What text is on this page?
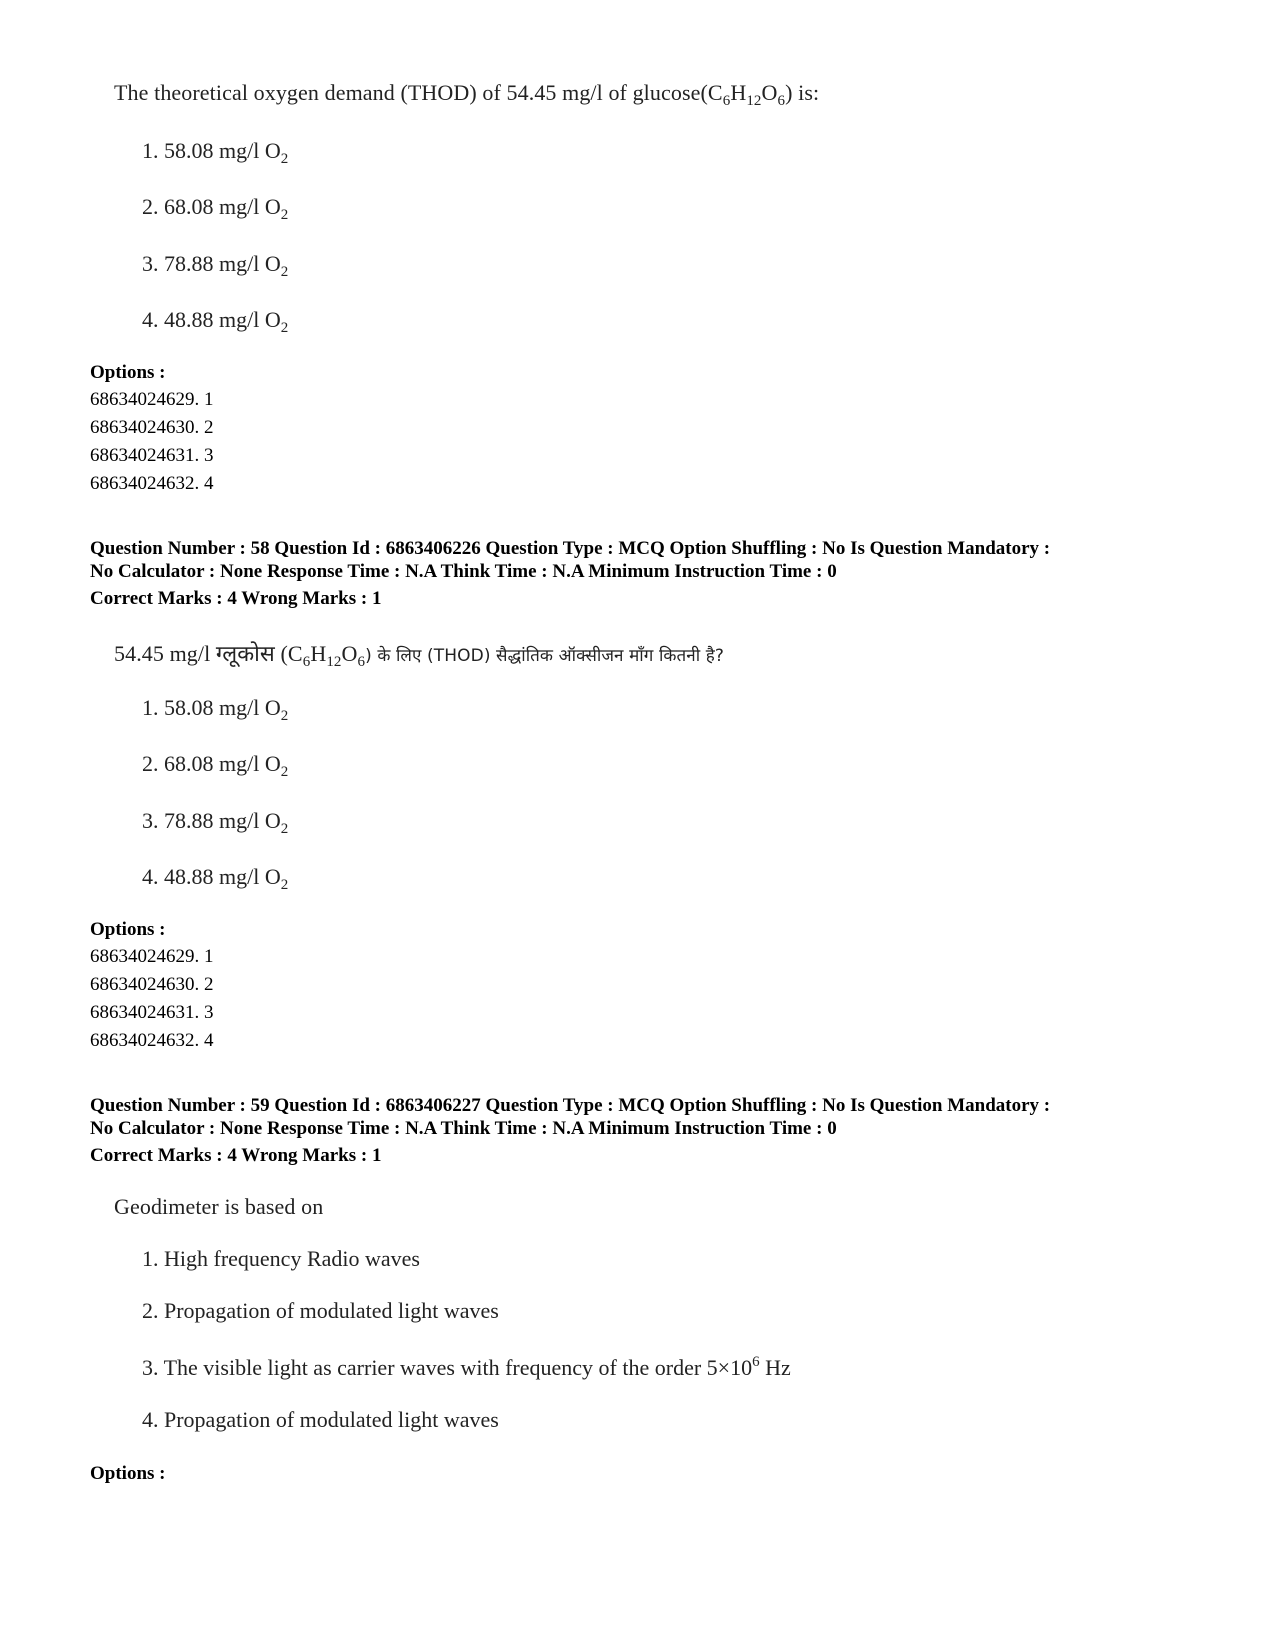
The theoretical oxygen demand (THOD) of 54.45 mg/l of $glucose(C_6H_{12}O_6)$ is:
1. 58.08 mg/l $O_2$
2. 68.08 mg/l $O_2$
3. 78.88 mg/l $O_2$
4. 48.88 mg/l $O_2$
Options :
68634024629. 1
68634024630. 2
68634024631. 3
68634024632. 4
Question Number : 58 Question Id : 6863406226 Question Type : MCQ Option Shuffling : No Is Question Mandatory :
No Calculator : None Response Time : N.A Think Time : N.A Minimum Instruction Time : 0
Correct Marks : 4 Wrong Marks : 1
54.45 mg/l ग्लूकोस $(C_6H_{12}O_6)$ के लिए (THOD) सैद्धांतिक ऑक्सीजन माँग कितनी है?
1. 58.08 mg/l $O_2$
2. 68.08 mg/l $O_2$
3. 78.88 mg/l $O_2$
4. 48.88 mg/l $O_2$
Options :
68634024629. 1
68634024630. 2
68634024631. 3
68634024632. 4
Question Number : 59 Question Id : 6863406227 Question Type : MCQ Option Shuffling : No Is Question Mandatory :
No Calculator : None Response Time : N.A Think Time : N.A Minimum Instruction Time : 0
Correct Marks : 4 Wrong Marks : 1
Geodimeter is based on
1. High frequency Radio waves
2. Propagation of modulated light waves
3. The visible light as carrier waves with frequency of the order $5\times 10^6$ Hz
4. Propagation of modulated light waves
Options :
